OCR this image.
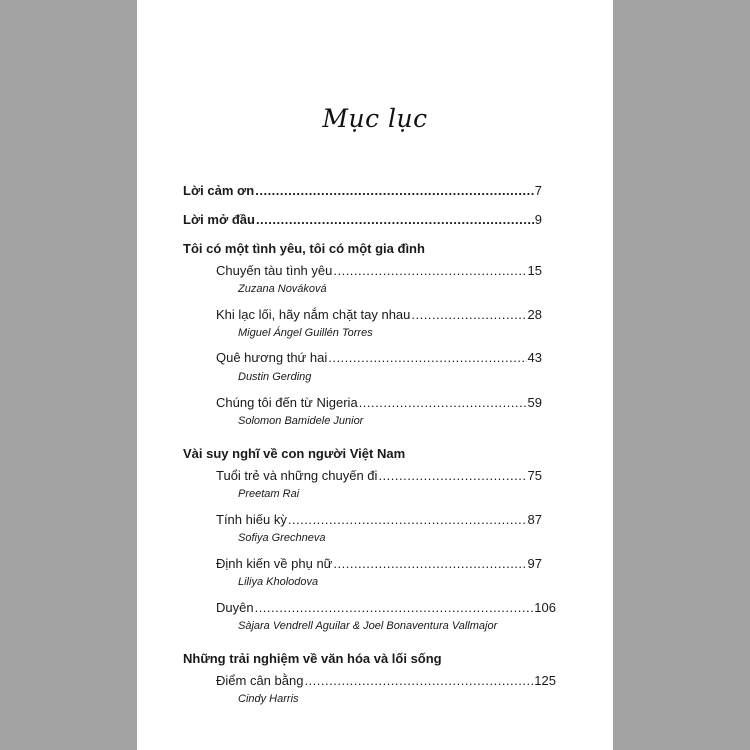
Mục lục
Lời cảm ơn .....	7
Lời mở đầu .....	9
Tôi có một tình yêu, tôi có một gia đình
Chuyến tàu tình yêu .....	15
Zuzana Nováková
Khi lạc lối, hãy nắm chặt tay nhau .....	28
Miguel Ángel Guillén Torres
Quê hương thứ hai .....	43
Dustin Gerding
Chúng tôi đến từ Nigeria .....	59
Solomon Bamidele Junior
Vài suy nghĩ về con người Việt Nam
Tuổi trẻ và những chuyến đi .....	75
Preetam Rai
Tính hiếu kỳ .....	87
Sofiya Grechneva
Định kiến về phụ nữ .....	97
Liliya Kholodova
Duyên .....	106
Sàjara Vendrell Aguilar & Joel Bonaventura Vallmajor
Những trải nghiệm về văn hóa và lối sống
Điểm cân bằng .....	125
Cindy Harris
